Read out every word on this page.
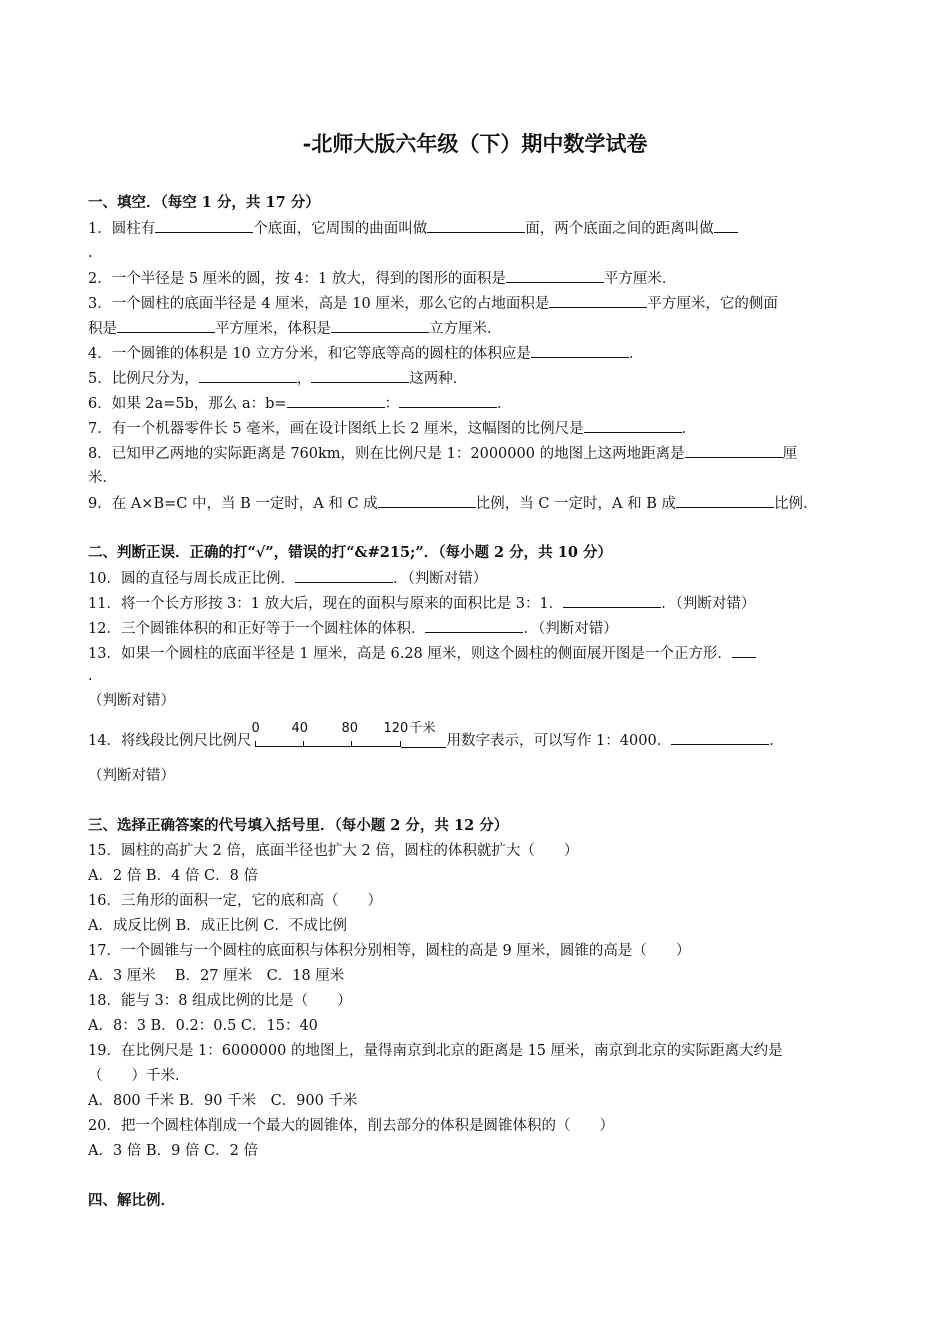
-北师大版六年级（下）期中数学试卷
一、填空．（每空 1 分，共 17 分）
1．圆柱有	个底面，它周围的曲面叫做	面，两个底面之间的距离叫做
.
2．一个半径是 5 厘米的圆，按 4：1 放大，得到的图形的面积是	平方厘米．
3．一个圆柱的底面半径是 4 厘米，高是 10 厘米，那么它的占地面积是	平方厘米，它的侧面
积是	平方厘米，体积是	立方厘米．
4．一个圆锥的体积是 10 立方分米，和它等底等高的圆柱的体积应是	．
5．比例尺分为，	，	这两种．
6．如果 2a=5b，那么 a：b=	：	．
7．有一个机器零件长 5 毫米，画在设计图纸上长 2 厘米，这幅图的比例尺是	．
8．已知甲乙两地的实际距离是 760km，则在比例尺是 1：2000000 的地图上这两地距离是	厘
米．
9．在 A×B=C 中，当 B 一定时，A 和 C 成	比例，当 C 一定时，A 和 B 成	比例．
二、判断正误．正确的打“√”，错误的打“&#215;”．（每小题 2 分，共 10 分）
10．圆的直径与周长成正比例．	．（判断对错）
11．将一个长方形按 3：1 放大后，现在的面积与原来的面积比是 3：1．	．（判断对错）
12．三个圆锥体积的和正好等于一个圆柱体的体积．	．（判断对错）
13．如果一个圆柱的底面半径是 1 厘米，高是 6.28 厘米，则这个圆柱的侧面展开图是一个正方形．
.
（判断对错）
14．将线段比例尺比例尺
0 40	80 120 千米
用数字表示，可以写作 1：4000．	．
（判断对错）
三、选择正确答案的代号填入括号里．（每小题 2 分，共 12 分）
15．圆柱的高扩大 2 倍，底面半径也扩大 2 倍，圆柱的体积就扩大（　　）
A．2 倍 B．4 倍 C．8 倍
16．三角形的面积一定，它的底和高（　　）
A．成反比例 B．成正比例 C．不成比例
17．一个圆锥与一个圆柱的底面积与体积分别相等，圆柱的高是 9 厘米，圆锥的高是（　　）
A．3 厘米　 B．27 厘米　C．18 厘米
18．能与 3：8 组成比例的比是（　　）
A．8：3 B．0.2：0.5 C．15：40
19．在比例尺是 1：6000000 的地图上，量得南京到北京的距离是 15 厘米，南京到北京的实际距离大约是
（　　）千米．
A．800 千米 B．90 千米　C．900 千米
20．把一个圆柱体削成一个最大的圆锥体，削去部分的体积是圆锥体积的（　　）
A．3 倍 B．9 倍 C．2 倍
四、解比例．
